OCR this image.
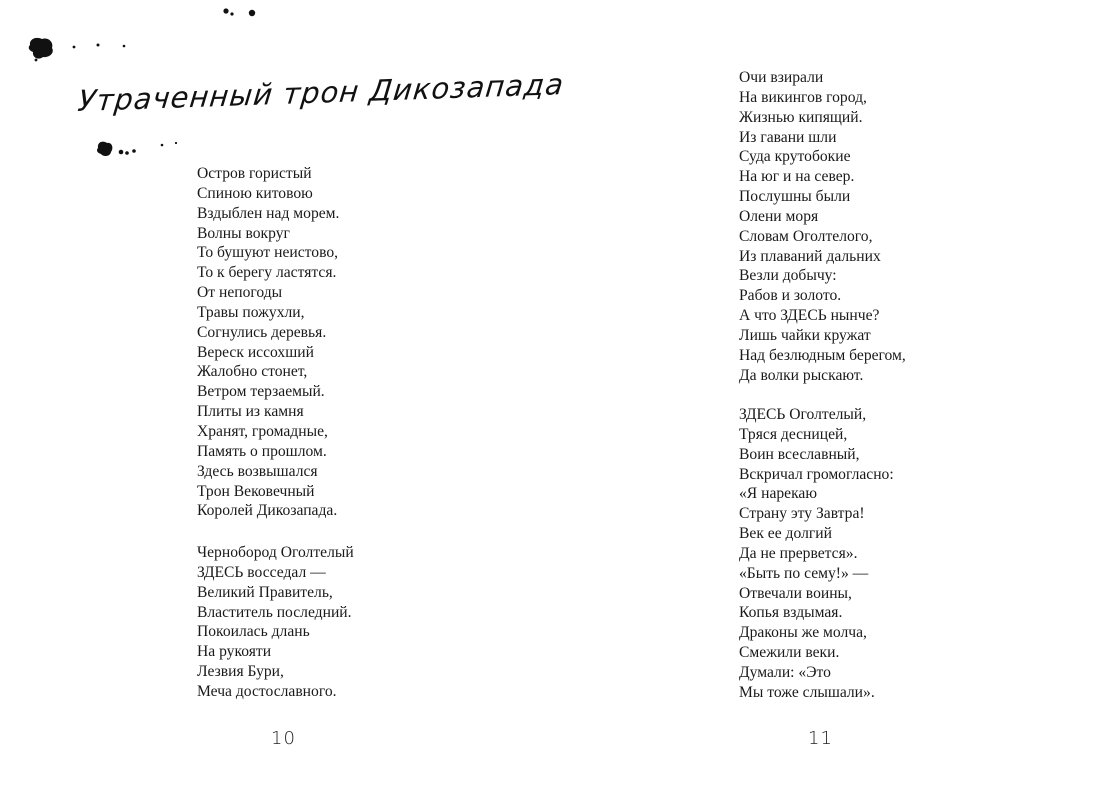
Утраченный трон Дикозапада
Остров гористый
Спиною китовою
Вздыблен над морем.
Волны вокруг
То бушуют неистово,
То к берегу ластятся.
От непогоды
Травы пожухли,
Согнулись деревья.
Вереск иссохший
Жалобно стонет,
Ветром терзаемый.
Плиты из камня
Хранят, громадные,
Память о прошлом.
Здесь возвышался
Трон Вековечный
Королей Дикозапада.
Чернобород Оголтелый
ЗДЕСЬ восседал —
Великий Правитель,
Властитель последний.
Покоилась длань
На рукояти
Лезвия Бури,
Меча достославного.
10
Очи взирали
На викингов город,
Жизнью кипящий.
Из гавани шли
Суда крутобокие
На юг и на север.
Послушны были
Олени моря
Словам Оголтелого,
Из плаваний дальних
Везли добычу:
Рабов и золото.
А что ЗДЕСЬ нынче?
Лишь чайки кружат
Над безлюдным берегом,
Да волки рыскают.
ЗДЕСЬ Оголтелый,
Тряся десницей,
Воин всеславный,
Вскричал громогласно:
«Я нарекаю
Страну эту Завтра!
Век ее долгий
Да не прервется».
«Быть по сему!» —
Отвечали воины,
Копья вздымая.
Драконы же молча,
Смежили веки.
Думали: «Это
Мы тоже слышали».
11
